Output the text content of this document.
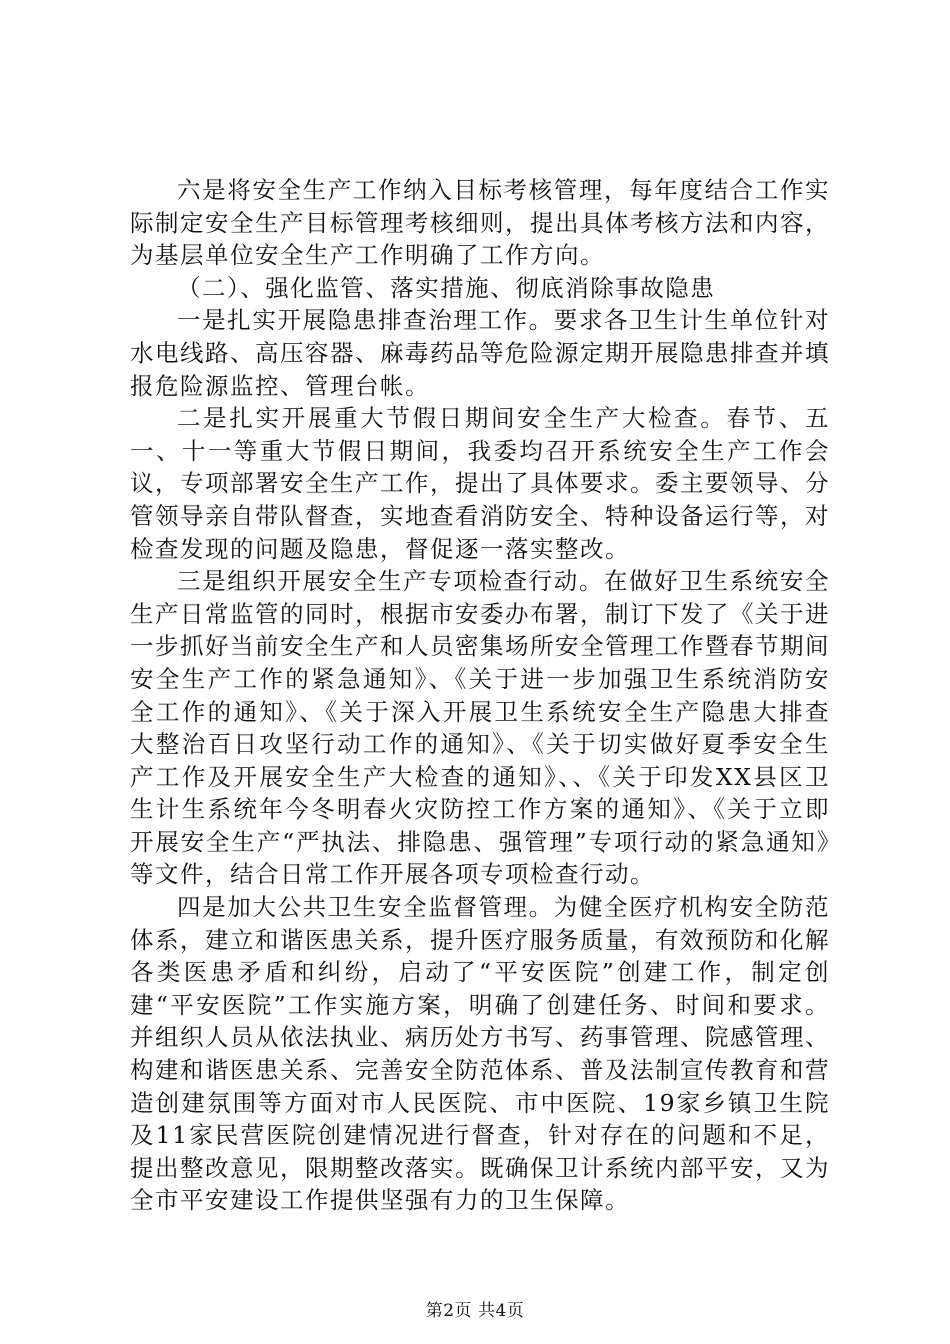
六是将安全生产工作纳入目标考核管理，每年度结合工作实际制定安全生产目标管理考核细则，提出具体考核方法和内容，为基层单位安全生产工作明确了工作方向。

（二）、强化监管、落实措施、彻底消除事故隐患

一是扎实开展隐患排查治理工作。要求各卫生计生单位针对水电线路、高压容器、麻毒药品等危险源定期开展隐患排查并填报危险源监控、管理台帐。

二是扎实开展重大节假日期间安全生产大检查。春节、五一、十一等重大节假日期间，我委均召开系统安全生产工作会议，专项部署安全生产工作，提出了具体要求。委主要领导、分管领导亲自带队督查，实地查看消防安全、特种设备运行等，对检查发现的问题及隐患，督促逐一落实整改。

三是组织开展安全生产专项检查行动。在做好卫生系统安全生产日常监管的同时，根据市安委办布署，制订下发了《关于进一步抓好当前安全生产和人员密集场所安全管理工作暨春节期间安全生产工作的紧急通知》、《关于进一步加强卫生系统消防安全工作的通知》、《关于深入开展卫生系统安全生产隐患大排查大整治百日攻坚行动工作的通知》、《关于切实做好夏季安全生产工作及开展安全生产大检查的通知》、、《关于印发XX县区卫生计生系统年今冬明春火灾防控工作方案的通知》、《关于立即开展安全生产“严执法、排隐患、强管理”专项行动的紧急通知》等文件，结合日常工作开展各项专项检查行动。

四是加大公共卫生安全监督管理。为健全医疗机构安全防范体系，建立和谐医患关系，提升医疗服务质量，有效预防和化解各类医患矛盾和纠纷，启动了“平安医院”创建工作，制定创建“平安医院”工作实施方案，明确了创建任务、时间和要求。并组织人员从依法执业、病历处方书写、药事管理、院感管理、构建和谐医患关系、完善安全防范体系、普及法制宣传教育和营造创建氛围等方面对市人民医院、市中医院、19家乡镇卫生院及11家民营医院创建情况进行督查，针对存在的问题和不足，提出整改意见，限期整改落实。既确保卫计系统内部平安，又为全市平安建设工作提供坚强有力的卫生保障。

第2页 共4页
